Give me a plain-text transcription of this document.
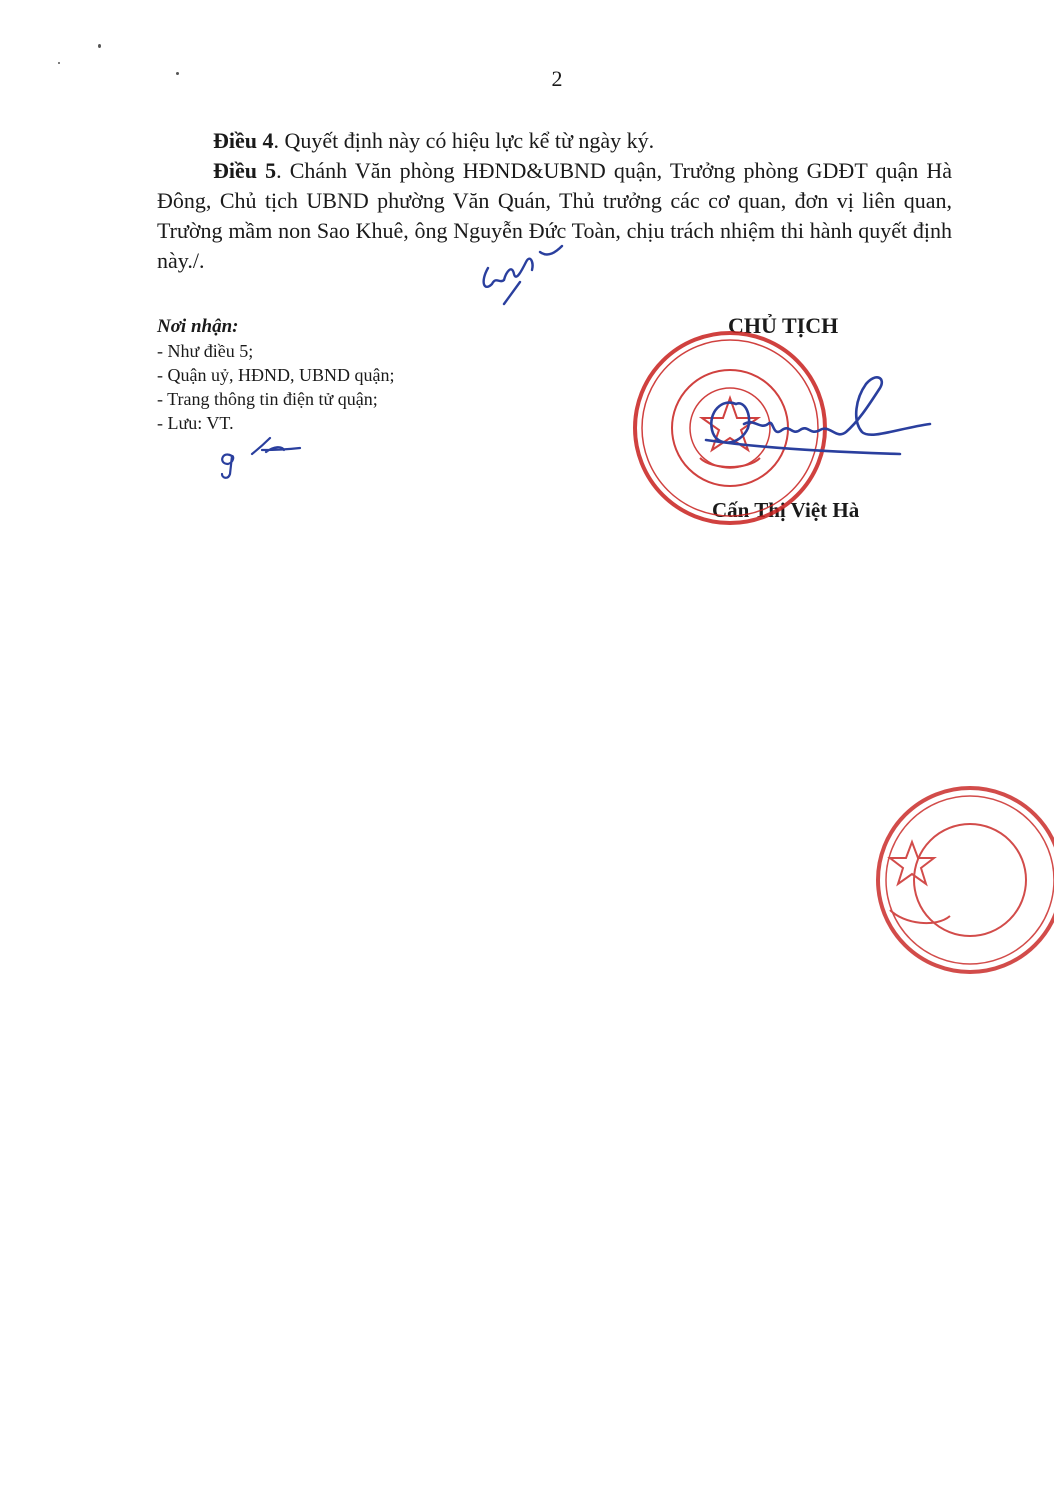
2

Điều 4. Quyết định này có hiệu lực kể từ ngày ký.

Điều 5. Chánh Văn phòng HĐND&UBND quận, Trưởng phòng GDĐT quận Hà Đông, Chủ tịch UBND phường Văn Quán, Thủ trưởng các cơ quan, đơn vị liên quan, Trường mầm non Sao Khuê, ông Nguyễn Đức Toàn, chịu trách nhiệm thi hành quyết định này./.

Nơi nhận:
- Như điều 5;
- Quận uỷ, HĐND, UBND quận;
- Trang thông tin điện tử quận;
- Lưu: VT.
CHỦ TỊCH
Cấn Thị Việt Hà
